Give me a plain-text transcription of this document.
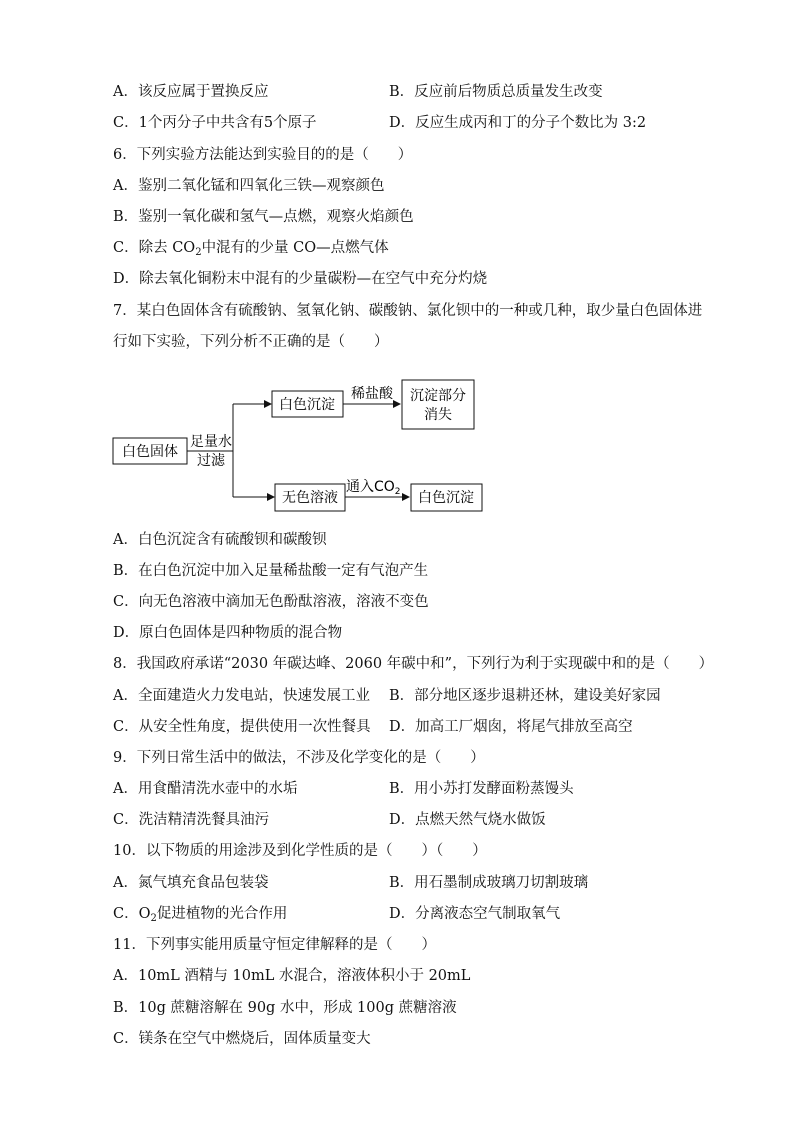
A．该反应属于置换反应	B．反应前后物质总质量发生改变
C．1个丙分子中共含有5个原子	D．反应生成丙和丁的分子个数比为 3:2
6．下列实验方法能达到实验目的的是（　　）
A．鉴别二氧化锰和四氧化三铁—观察颜色
B．鉴别一氧化碳和氢气—点燃，观察火焰颜色
C．除去 $CO_2$中混有的少量 CO—点燃气体
D．除去氧化铜粉末中混有的少量碳粉—在空气中充分灼烧
7．某白色固体含有硫酸钠、氢氧化钠、碳酸钠、氯化钡中的一种或几种，取少量白色固体进
行如下实验，下列分析不正确的是（　　）
白色固体
足量水
过滤
白色沉淀
稀盐酸 沉淀部分
消失
无色溶液
通入$CO_2$ 白色沉淀
A．白色沉淀含有硫酸钡和碳酸钡
B．在白色沉淀中加入足量稀盐酸一定有气泡产生
C．向无色溶液中滴加无色酚酞溶液，溶液不变色
D．原白色固体是四种物质的混合物
8．我国政府承诺“2030 年碳达峰、2060 年碳中和”，下列行为利于实现碳中和的是（　　）
A．全面建造火力发电站，快速发展工业 B．部分地区逐步退耕还林，建设美好家园
C．从安全性角度，提供使用一次性餐具 D．加高工厂烟囱，将尾气排放至高空
9．下列日常生活中的做法，不涉及化学变化的是（　　）
A．用食醋清洗水壶中的水垢	B．用小苏打发酵面粉蒸馒头
C．洗洁精清洗餐具油污	D．点燃天然气烧水做饭
10．以下物质的用途涉及到化学性质的是（　　）（　　）
A．氮气填充食品包装袋	B．用石墨制成玻璃刀切割玻璃
C．$O_2$促进植物的光合作用	D．分离液态空气制取氧气
11．下列事实能用质量守恒定律解释的是（　　）
A．10mL 酒精与 10mL 水混合，溶液体积小于 20mL
B．10g 蔗糖溶解在 90g 水中，形成 100g 蔗糖溶液
C．镁条在空气中燃烧后，固体质量变大
